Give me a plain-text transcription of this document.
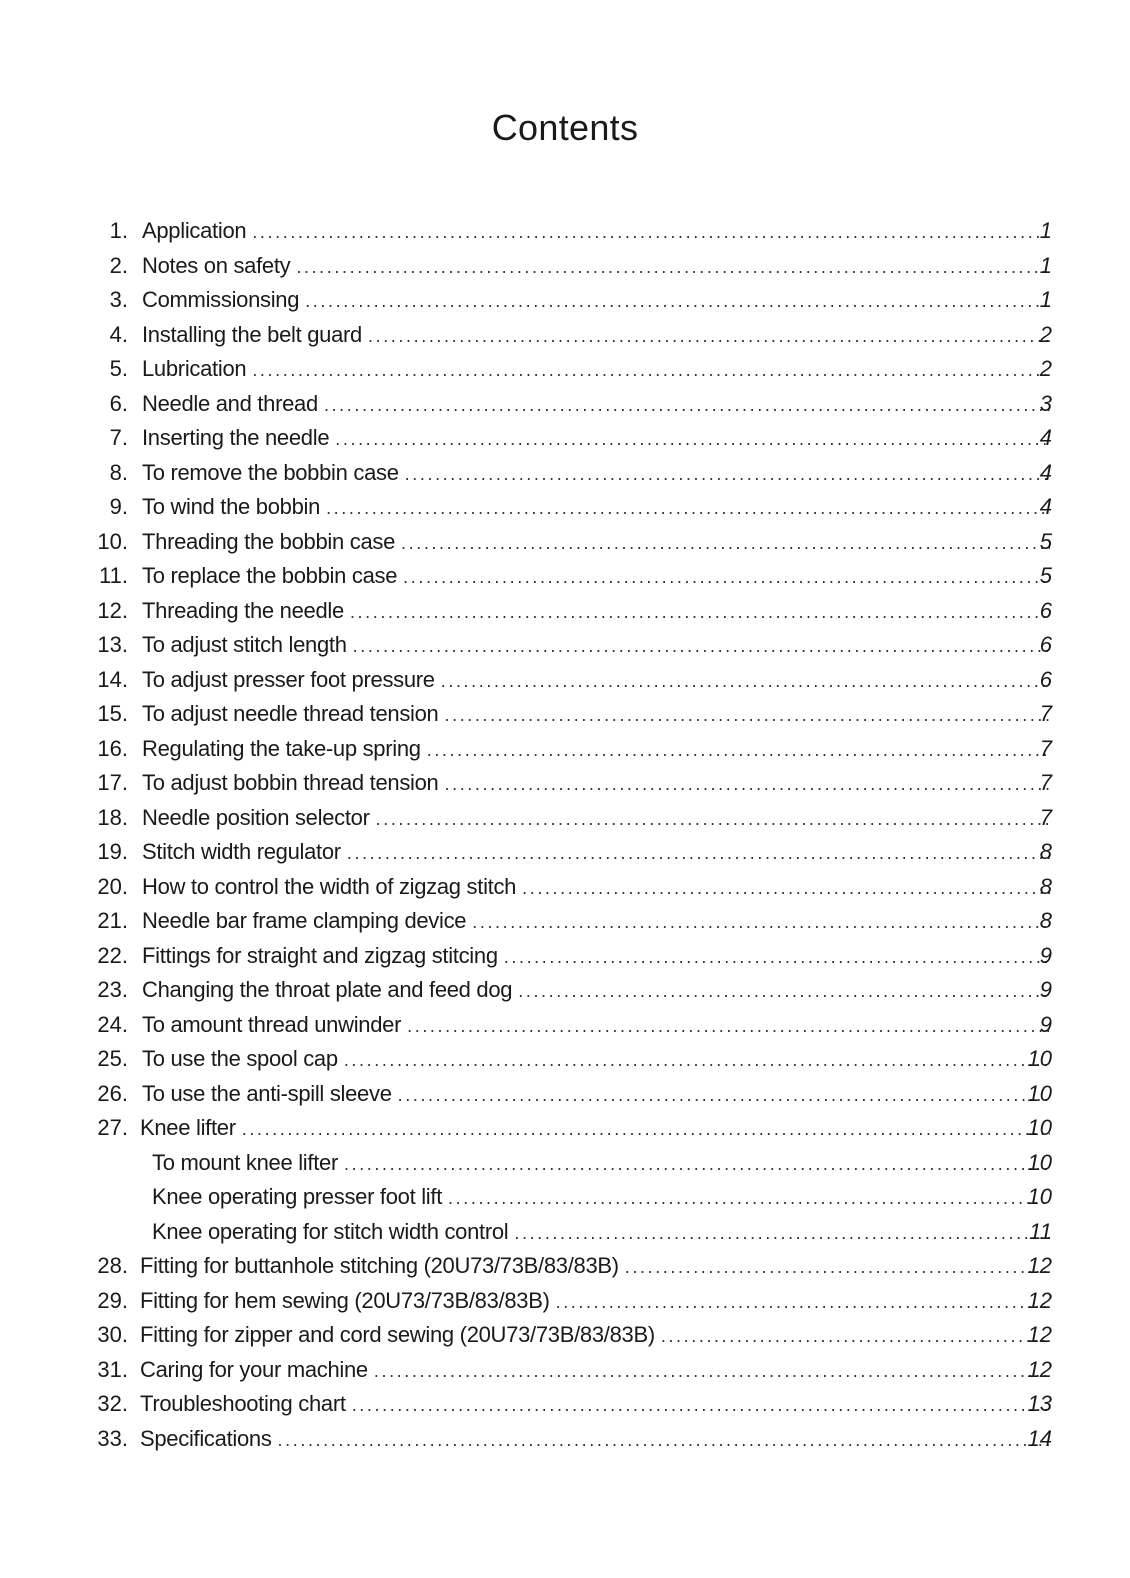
Contents
1. Application . . .	1
2. Notes on safety . . .	1
3. Commissionsing . . .	1
4. Installing the belt guard . . .	2
5. Lubrication . . .	2
6. Needle and thread . . .	3
7. Inserting the needle . . .	4
8. To remove the bobbin case . . .	4
9. To wind the bobbin . . .	4
10. Threading the bobbin case . . .	5
11. To replace the bobbin case . . .	5
12. Threading the needle . . .	6
13. To adjust stitch length . . .	6
14. To adjust presser foot pressure . . .	6
15. To adjust needle thread tension . . .	7
16. Regulating the take-up spring . . .	7
17. To adjust bobbin thread tension . . .	7
18. Needle position selector . . .	7
19. Stitch width regulator . . .	8
20. How to control the width of zigzag stitch . . .	8
21. Needle bar frame clamping device . . .	8
22. Fittings for straight and zigzag stitcing . . .	9
23. Changing the throat plate and feed dog . . .	9
24. To amount thread unwinder . . .	9
25. To use the spool cap . . .	10
26. To use the anti-spill sleeve . . .	10
27. Knee lifter . . .	10
To mount knee lifter . . .	10
Knee operating presser foot lift . . .	10
Knee operating for stitch width control . . .	11
28. Fitting for buttanhole stitching (20U73/73B/83/83B) . . .	12
29. Fitting for hem sewing (20U73/73B/83/83B) . . .	12
30. Fitting for zipper and cord sewing (20U73/73B/83/83B) . . .	12
31. Caring for your machine . . .	12
32. Troubleshooting chart . . .	13
33. Specifications . . .	14
